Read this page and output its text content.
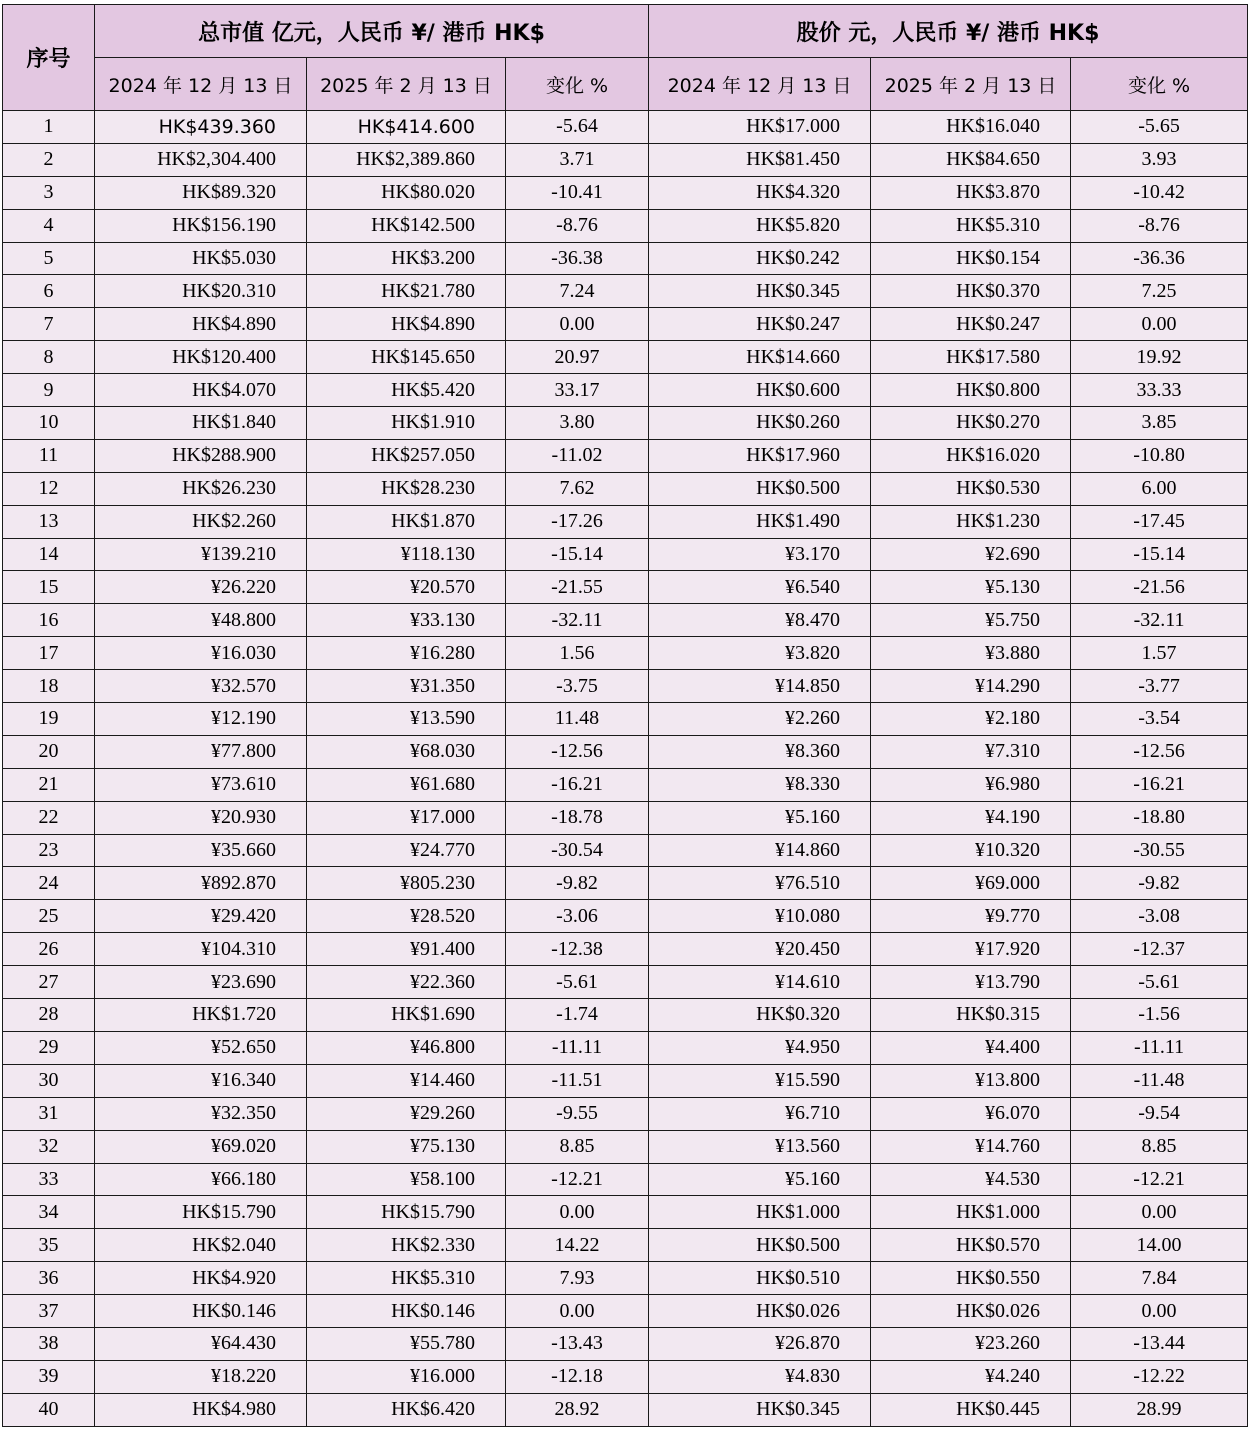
序号	总市值 亿元，人民币 ¥/ 港币 HK$			股价 元，人民币 ¥/ 港币 HK$		
	2024 年 12 月 13 日	2025 年 2 月 13 日	变化 %	2024 年 12 月 13 日	2025 年 2 月 13 日	变化 %
1	HK$439.360	HK$414.600	-5.64	HK$17.000	HK$16.040	-5.65
2	HK$2,304.400	HK$2,389.860	3.71	HK$81.450	HK$84.650	3.93
3	HK$89.320	HK$80.020	-10.41	HK$4.320	HK$3.870	-10.42
4	HK$156.190	HK$142.500	-8.76	HK$5.820	HK$5.310	-8.76
5	HK$5.030	HK$3.200	-36.38	HK$0.242	HK$0.154	-36.36
6	HK$20.310	HK$21.780	7.24	HK$0.345	HK$0.370	7.25
7	HK$4.890	HK$4.890	0.00	HK$0.247	HK$0.247	0.00
8	HK$120.400	HK$145.650	20.97	HK$14.660	HK$17.580	19.92
9	HK$4.070	HK$5.420	33.17	HK$0.600	HK$0.800	33.33
10	HK$1.840	HK$1.910	3.80	HK$0.260	HK$0.270	3.85
11	HK$288.900	HK$257.050	-11.02	HK$17.960	HK$16.020	-10.80
12	HK$26.230	HK$28.230	7.62	HK$0.500	HK$0.530	6.00
13	HK$2.260	HK$1.870	-17.26	HK$1.490	HK$1.230	-17.45
14	¥139.210	¥118.130	-15.14	¥3.170	¥2.690	-15.14
15	¥26.220	¥20.570	-21.55	¥6.540	¥5.130	-21.56
16	¥48.800	¥33.130	-32.11	¥8.470	¥5.750	-32.11
17	¥16.030	¥16.280	1.56	¥3.820	¥3.880	1.57
18	¥32.570	¥31.350	-3.75	¥14.850	¥14.290	-3.77
19	¥12.190	¥13.590	11.48	¥2.260	¥2.180	-3.54
20	¥77.800	¥68.030	-12.56	¥8.360	¥7.310	-12.56
21	¥73.610	¥61.680	-16.21	¥8.330	¥6.980	-16.21
22	¥20.930	¥17.000	-18.78	¥5.160	¥4.190	-18.80
23	¥35.660	¥24.770	-30.54	¥14.860	¥10.320	-30.55
24	¥892.870	¥805.230	-9.82	¥76.510	¥69.000	-9.82
25	¥29.420	¥28.520	-3.06	¥10.080	¥9.770	-3.08
26	¥104.310	¥91.400	-12.38	¥20.450	¥17.920	-12.37
27	¥23.690	¥22.360	-5.61	¥14.610	¥13.790	-5.61
28	HK$1.720	HK$1.690	-1.74	HK$0.320	HK$0.315	-1.56
29	¥52.650	¥46.800	-11.11	¥4.950	¥4.400	-11.11
30	¥16.340	¥14.460	-11.51	¥15.590	¥13.800	-11.48
31	¥32.350	¥29.260	-9.55	¥6.710	¥6.070	-9.54
32	¥69.020	¥75.130	8.85	¥13.560	¥14.760	8.85
33	¥66.180	¥58.100	-12.21	¥5.160	¥4.530	-12.21
34	HK$15.790	HK$15.790	0.00	HK$1.000	HK$1.000	0.00
35	HK$2.040	HK$2.330	14.22	HK$0.500	HK$0.570	14.00
36	HK$4.920	HK$5.310	7.93	HK$0.510	HK$0.550	7.84
37	HK$0.146	HK$0.146	0.00	HK$0.026	HK$0.026	0.00
38	¥64.430	¥55.780	-13.43	¥26.870	¥23.260	-13.44
39	¥18.220	¥16.000	-12.18	¥4.830	¥4.240	-12.22
40	HK$4.980	HK$6.420	28.92	HK$0.345	HK$0.445	28.99
